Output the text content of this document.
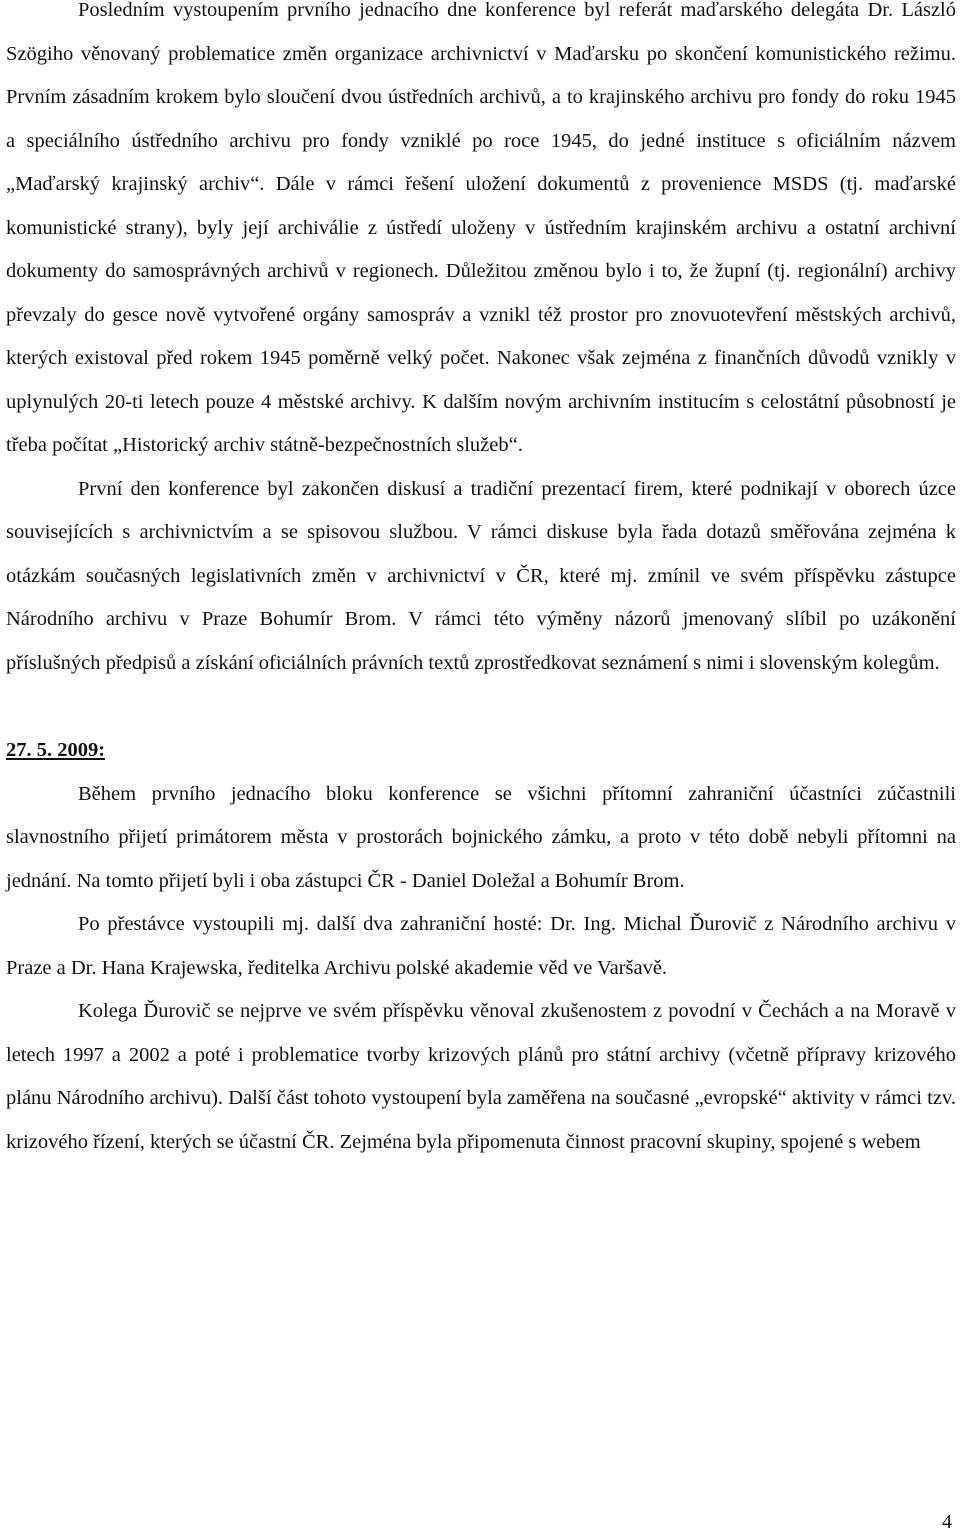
Posledním vystoupením prvního jednacího dne konference byl referát maďarského delegáta Dr. László Szögiho věnovaný problematice změn organizace archivnictví v Maďarsku po skončení komunistického režimu. Prvním zásadním krokem bylo sloučení dvou ústředních archivů, a to krajinského archivu pro fondy do roku 1945 a speciálního ústředního archivu pro fondy vzniklé po roce 1945, do jedné instituce s oficiálním názvem „Maďarský krajinský archiv“. Dále v rámci řešení uložení dokumentů z provenience MSDS (tj. maďarské komunistické strany), byly její archiválie z ústředí uloženy v ústředním krajinském archivu a ostatní archivní dokumenty do samosprávných archivů v regionech. Důležitou změnou bylo i to, že župní (tj. regionální) archivy převzaly do gesce nově vytvořené orgány samospráv a vznikl též prostor pro znovuotevření městských archivů, kterých existoval před rokem 1945 poměrně velký počet. Nakonec však zejména z finančních důvodů vznikly v uplynulých 20-ti letech pouze 4 městské archivy. K dalším novým archivním institucím s celostátní působností je třeba počítat „Historický archiv státně-bezpečnostních služeb“.

První den konference byl zakončen diskusí a tradiční prezentací firem, které podnikají v oborech úzce souvisejících s archivnictvím a se spisovou službou. V rámci diskuse byla řada dotazů směřována zejména k otázkám současných legislativních změn v archivnictví v ČR, které mj. zmínil ve svém příspěvku zástupce Národního archivu v Praze Bohumír Brom. V rámci této výměny názorů jmenovaný slíbil po uzákonění příslušných předpisů a získání oficiálních právních textů zprostředkovat seznámení s nimi i slovenským kolegům.

27. 5. 2009:

Během prvního jednacího bloku konference se všichni přítomní zahraniční účastníci zúčastnili slavnostního přijetí primátorem města v prostorách bojnického zámku, a proto v této době nebyli přítomni na jednání. Na tomto přijetí byli i oba zástupci ČR - Daniel Doležal a Bohumír Brom.

Po přestávce vystoupili mj. další dva zahraniční hosté: Dr. Ing. Michal Ďurovič z Národního archivu v Praze a Dr. Hana Krajewska, ředitelka Archivu polské akademie věd ve Varšavě.

Kolega Ďurovič se nejprve ve svém příspěvku věnoval zkušenostem z povodní v Čechách a na Moravě v letech 1997 a 2002 a poté i problematice tvorby krizových plánů pro státní archivy (včetně přípravy krizového plánu Národního archivu). Další část tohoto vystoupení byla zaměřena na současné „evropské“ aktivity v rámci tzv. krizového řízení, kterých se účastní ČR. Zejména byla připomenuta činnost pracovní skupiny, spojené s webem

4
